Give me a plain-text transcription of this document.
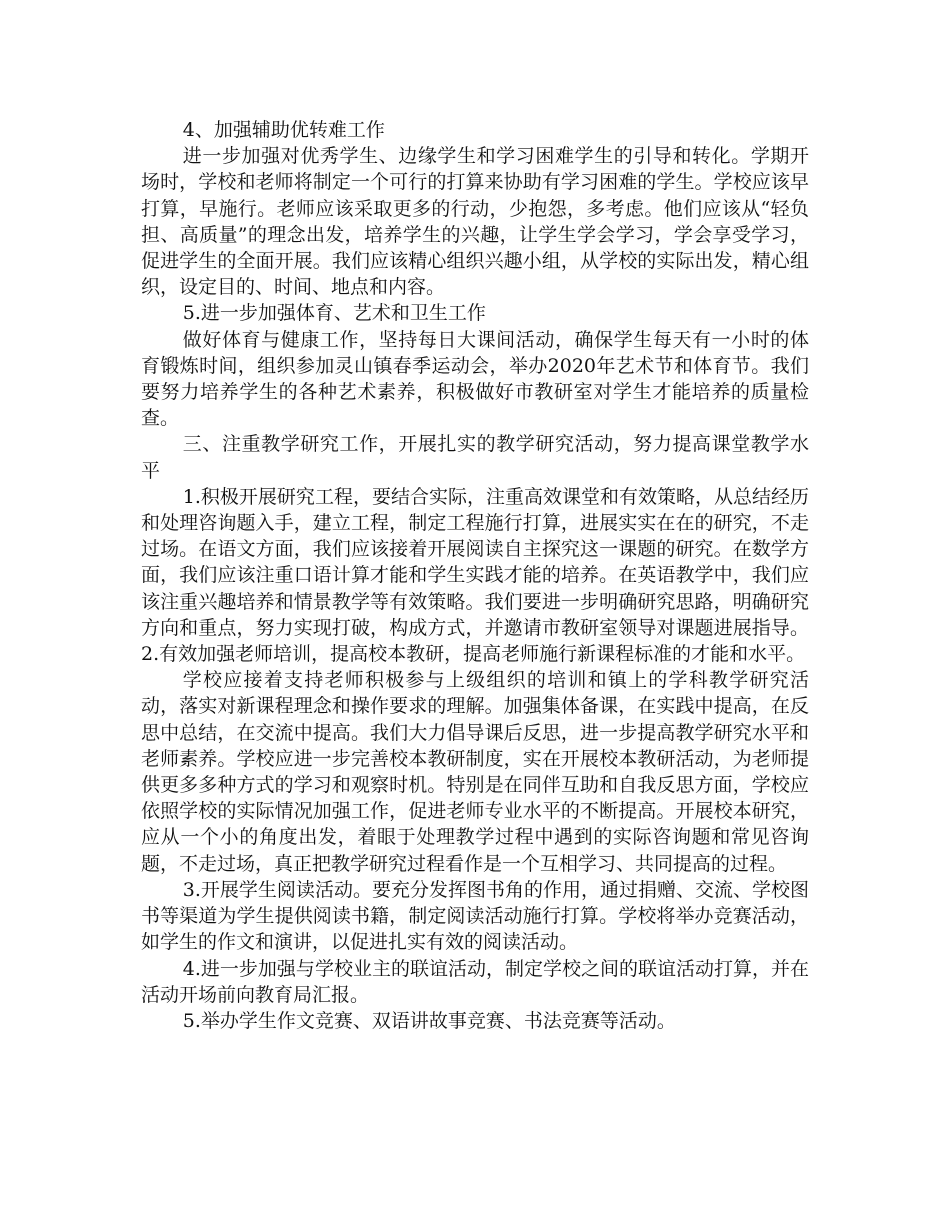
4、加强辅助优转难工作

进一步加强对优秀学生、边缘学生和学习困难学生的引导和转化。学期开场时，学校和老师将制定一个可行的打算来协助有学习困难的学生。学校应该早打算，早施行。老师应该采取更多的行动，少抱怨，多考虑。他们应该从“轻负担、高质量”的理念出发，培养学生的兴趣，让学生学会学习，学会享受学习，促进学生的全面开展。我们应该精心组织兴趣小组，从学校的实际出发，精心组织，设定目的、时间、地点和内容。

5.进一步加强体育、艺术和卫生工作

做好体育与健康工作，坚持每日大课间活动，确保学生每天有一小时的体育锻炼时间，组织参加灵山镇春季运动会，举办2020年艺术节和体育节。我们要努力培养学生的各种艺术素养，积极做好市教研室对学生才能培养的质量检查。

三、注重教学研究工作，开展扎实的教学研究活动，努力提高课堂教学水平

1.积极开展研究工程，要结合实际，注重高效课堂和有效策略，从总结经历和处理咨询题入手，建立工程，制定工程施行打算，进展实实在在的研究，不走过场。在语文方面，我们应该接着开展阅读自主探究这一课题的研究。在数学方面，我们应该注重口语计算才能和学生实践才能的培养。在英语教学中，我们应该注重兴趣培养和情景教学等有效策略。我们要进一步明确研究思路，明确研究方向和重点，努力实现打破，构成方式，并邀请市教研室领导对课题进展指导。2.有效加强老师培训，提高校本教研，提高老师施行新课程标准的才能和水平。

学校应接着支持老师积极参与上级组织的培训和镇上的学科教学研究活动，落实对新课程理念和操作要求的理解。加强集体备课，在实践中提高，在反思中总结，在交流中提高。我们大力倡导课后反思，进一步提高教学研究水平和老师素养。学校应进一步完善校本教研制度，实在开展校本教研活动，为老师提供更多多种方式的学习和观察时机。特别是在同伴互助和自我反思方面，学校应依照学校的实际情况加强工作，促进老师专业水平的不断提高。开展校本研究，应从一个小的角度出发，着眼于处理教学过程中遇到的实际咨询题和常见咨询题，不走过场，真正把教学研究过程看作是一个互相学习、共同提高的过程。

3.开展学生阅读活动。要充分发挥图书角的作用，通过捐赠、交流、学校图书等渠道为学生提供阅读书籍，制定阅读活动施行打算。学校将举办竞赛活动，如学生的作文和演讲，以促进扎实有效的阅读活动。

4.进一步加强与学校业主的联谊活动，制定学校之间的联谊活动打算，并在活动开场前向教育局汇报。

5.举办学生作文竞赛、双语讲故事竞赛、书法竞赛等活动。
